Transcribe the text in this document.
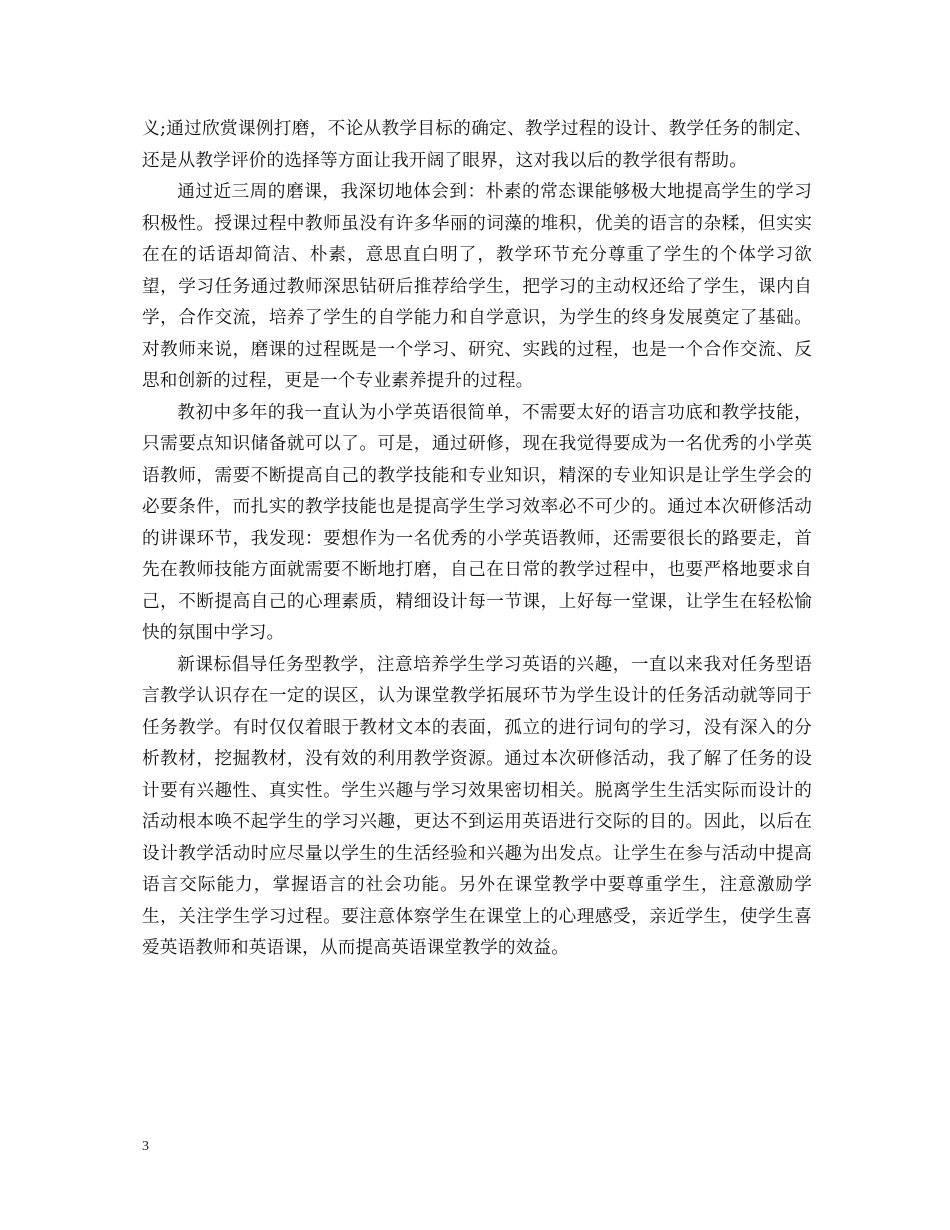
义;通过欣赏课例打磨，不论从教学目标的确定、教学过程的设计、教学任务的制定、还是从教学评价的选择等方面让我开阔了眼界，这对我以后的教学很有帮助。

通过近三周的磨课，我深切地体会到：朴素的常态课能够极大地提高学生的学习积极性。授课过程中教师虽没有许多华丽的词藻的堆积，优美的语言的杂糅，但实实在在的话语却简洁、朴素，意思直白明了，教学环节充分尊重了学生的个体学习欲望，学习任务通过教师深思钻研后推荐给学生，把学习的主动权还给了学生，课内自学，合作交流，培养了学生的自学能力和自学意识，为学生的终身发展奠定了基础。对教师来说，磨课的过程既是一个学习、研究、实践的过程，也是一个合作交流、反思和创新的过程，更是一个专业素养提升的过程。

教初中多年的我一直认为小学英语很简单，不需要太好的语言功底和教学技能，只需要点知识储备就可以了。可是，通过研修，现在我觉得要成为一名优秀的小学英语教师，需要不断提高自己的教学技能和专业知识，精深的专业知识是让学生学会的必要条件，而扎实的教学技能也是提高学生学习效率必不可少的。通过本次研修活动的讲课环节，我发现：要想作为一名优秀的小学英语教师，还需要很长的路要走，首先在教师技能方面就需要不断地打磨，自己在日常的教学过程中，也要严格地要求自己，不断提高自己的心理素质，精细设计每一节课，上好每一堂课，让学生在轻松愉快的氛围中学习。

新课标倡导任务型教学，注意培养学生学习英语的兴趣，一直以来我对任务型语言教学认识存在一定的误区，认为课堂教学拓展环节为学生设计的任务活动就等同于任务教学。有时仅仅着眼于教材文本的表面，孤立的进行词句的学习，没有深入的分析教材，挖掘教材，没有效的利用教学资源。通过本次研修活动，我了解了任务的设计要有兴趣性、真实性。学生兴趣与学习效果密切相关。脱离学生生活实际而设计的活动根本唤不起学生的学习兴趣，更达不到运用英语进行交际的目的。因此，以后在设计教学活动时应尽量以学生的生活经验和兴趣为出发点。让学生在参与活动中提高语言交际能力，掌握语言的社会功能。另外在课堂教学中要尊重学生，注意激励学生，关注学生学习过程。要注意体察学生在课堂上的心理感受，亲近学生，使学生喜爱英语教师和英语课，从而提高英语课堂教学的效益。

3
